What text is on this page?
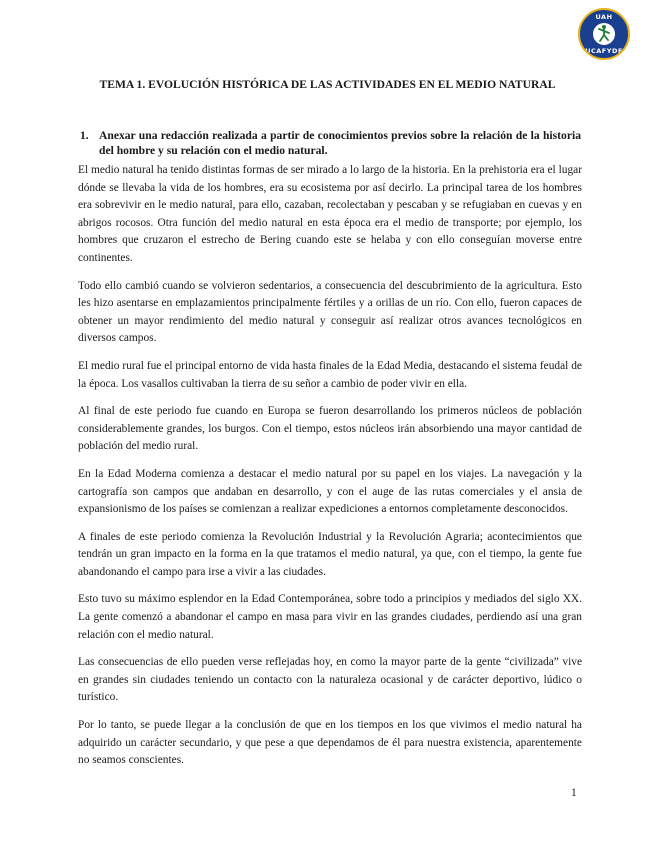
UAH
UCAFYDE
TEMA 1. EVOLUCIÓN HISTÓRICA DE LAS ACTIVIDADES EN EL MEDIO NATURAL
1. Anexar una redacción realizada a partir de conocimientos previos sobre la relación de la historia del hombre y su relación con el medio natural.

El medio natural ha tenido distintas formas de ser mirado a lo largo de la historia. En la prehistoria era el lugar dónde se llevaba la vida de los hombres, era su ecosistema por así decirlo. La principal tarea de los hombres era sobrevivir en le medio natural, para ello, cazaban, recolectaban y pescaban y se refugiaban en cuevas y en abrigos rocosos. Otra función del medio natural en esta época era el medio de transporte; por ejemplo, los hombres que cruzaron el estrecho de Bering cuando este se helaba y con ello conseguían moverse entre continentes.

Todo ello cambió cuando se volvieron sedentarios, a consecuencia del descubrimiento de la agricultura. Esto les hizo asentarse en emplazamientos principalmente fértiles y a orillas de un río. Con ello, fueron capaces de obtener un mayor rendimiento del medio natural y conseguir así realizar otros avances tecnológicos en diversos campos.

El medio rural fue el principal entorno de vida hasta finales de la Edad Media, destacando el sistema feudal de la época. Los vasallos cultivaban la tierra de su señor a cambio de poder vivir en ella.

Al final de este periodo fue cuando en Europa se fueron desarrollando los primeros núcleos de población considerablemente grandes, los burgos. Con el tiempo, estos núcleos irán absorbiendo una mayor cantidad de población del medio rural.

En la Edad Moderna comienza a destacar el medio natural por su papel en los viajes. La navegación y la cartografía son campos que andaban en desarrollo, y con el auge de las rutas comerciales y el ansia de expansionismo de los países se comienzan a realizar expediciones a entornos completamente desconocidos.

A finales de este periodo comienza la Revolución Industrial y la Revolución Agraria; acontecimientos que tendrán un gran impacto en la forma en la que tratamos el medio natural, ya que, con el tiempo, la gente fue abandonando el campo para irse a vivir a las ciudades.

Esto tuvo su máximo esplendor en la Edad Contemporánea, sobre todo a principios y mediados del siglo XX. La gente comenzó a abandonar el campo en masa para vivir en las grandes ciudades, perdiendo así una gran relación con el medio natural.

Las consecuencias de ello pueden verse reflejadas hoy, en como la mayor parte de la gente “civilizada” vive en grandes sin ciudades teniendo un contacto con la naturaleza ocasional y de carácter deportivo, lúdico o turístico.

Por lo tanto, se puede llegar a la conclusión de que en los tiempos en los que vivimos el medio natural ha adquirido un carácter secundario, y que pese a que dependamos de él para nuestra existencia, aparentemente no seamos conscientes.

1
